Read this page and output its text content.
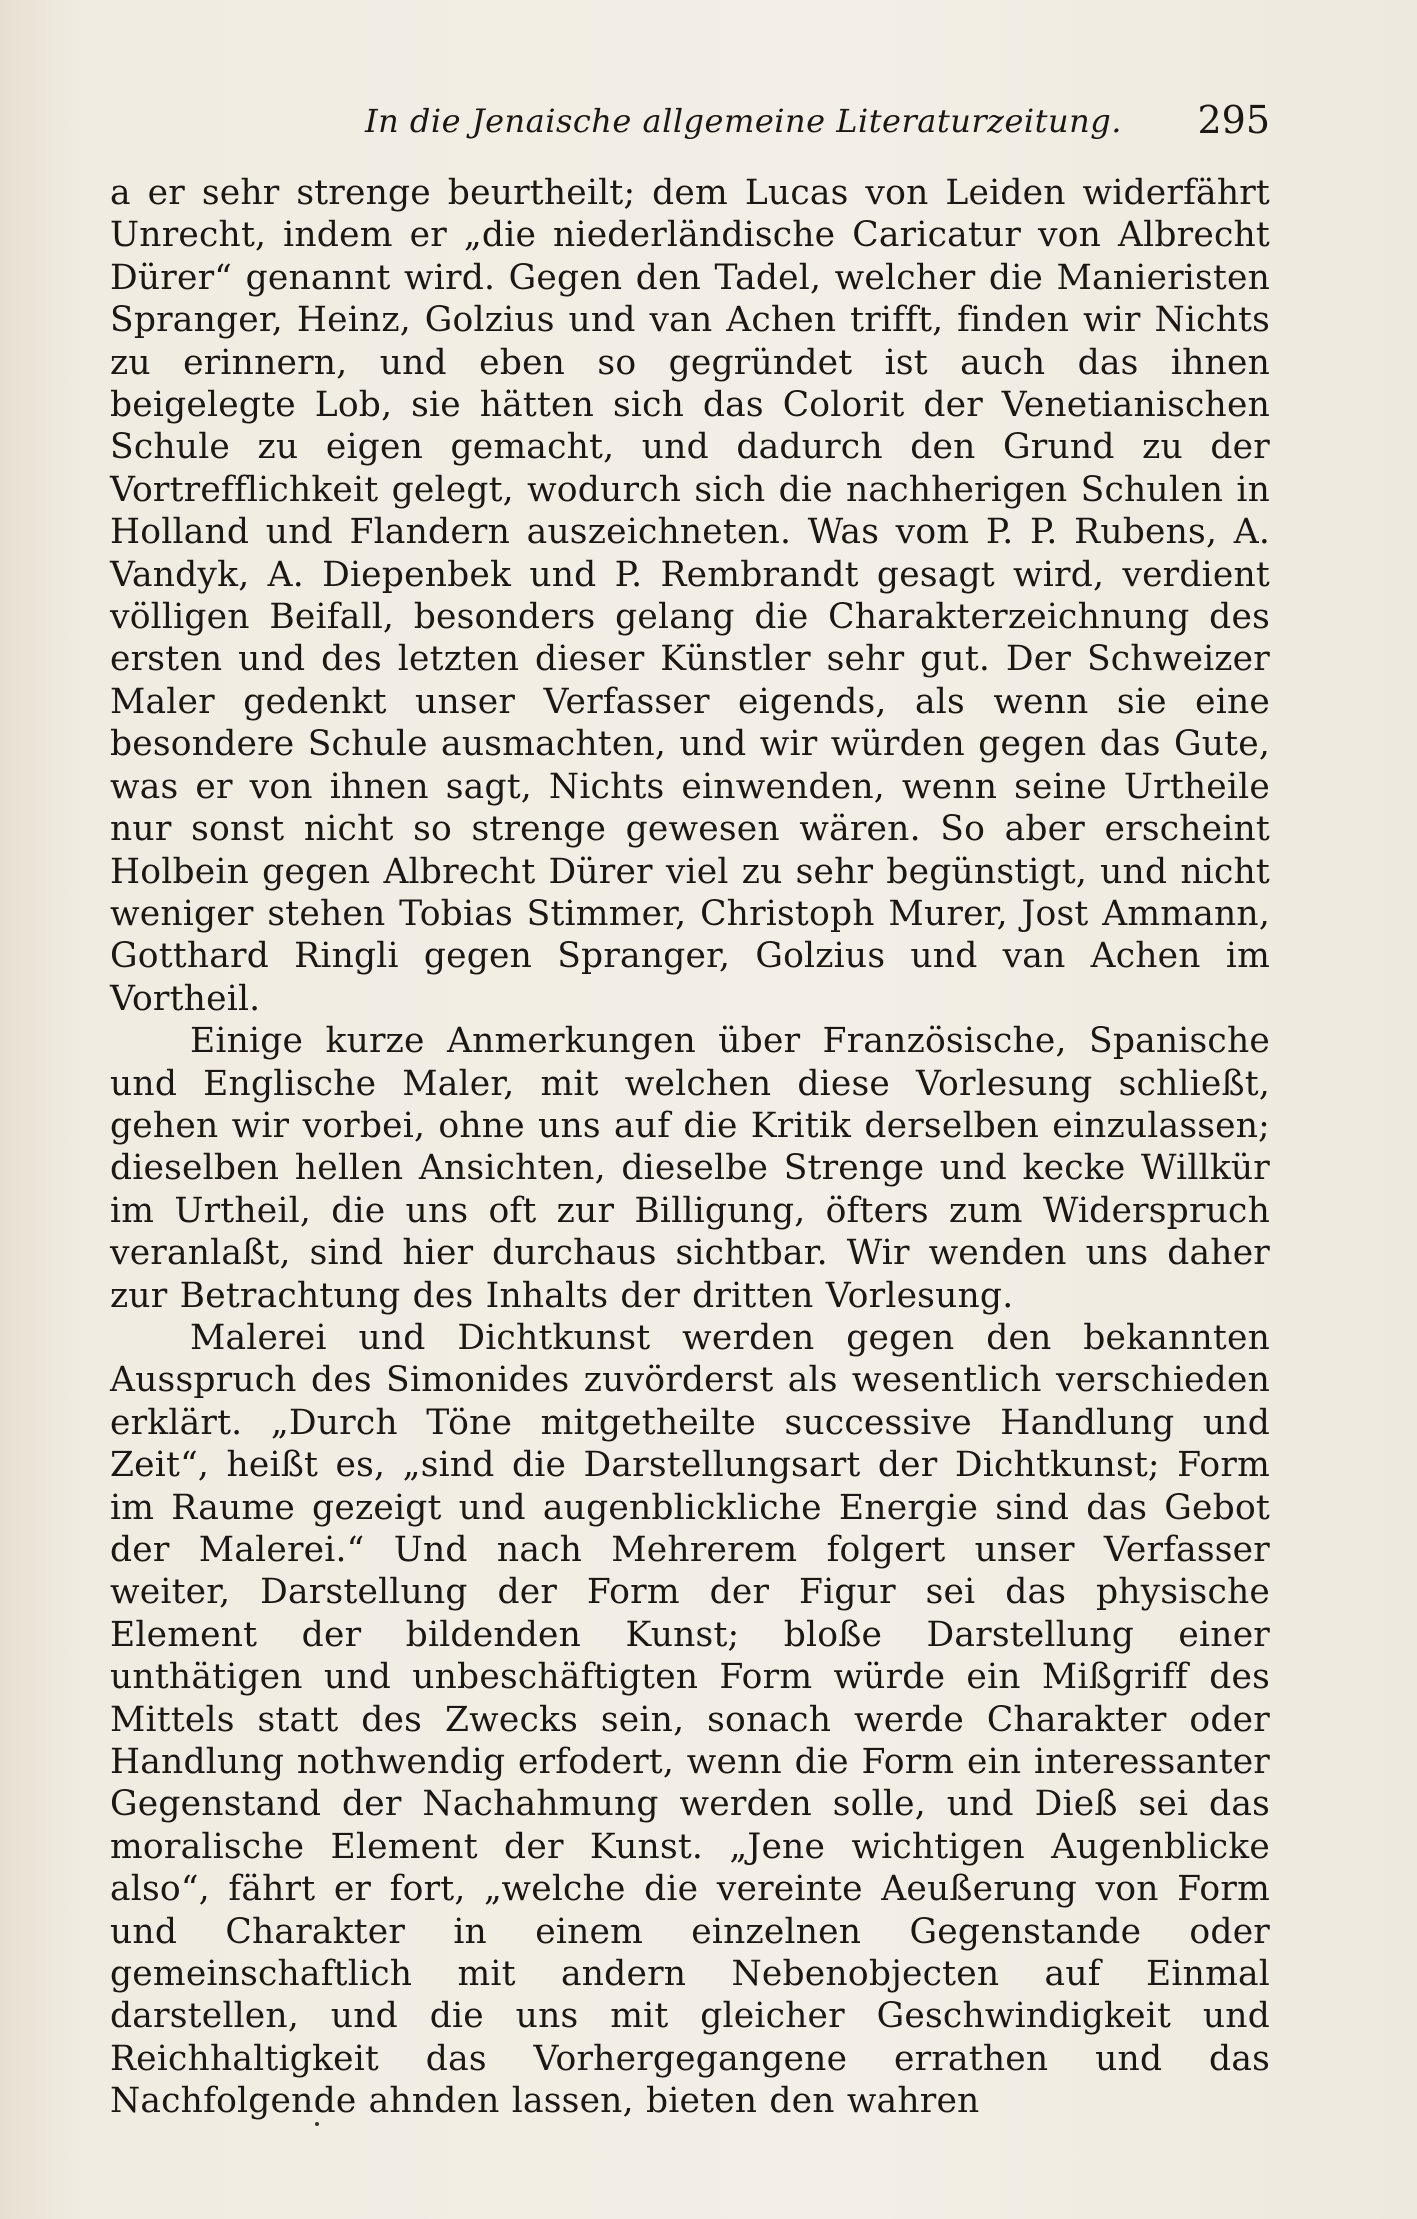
In die Jenaische allgemeine Literaturzeitung. 295

a er sehr strenge beurtheilt; dem Lucas von Leiden widerfährt Unrecht, indem er „die niederländische Caricatur von Albrecht Dürer“ genannt wird. Gegen den Tadel, welcher die Manieristen Spranger, Heinz, Golzius und van Achen trifft, finden wir Nichts zu erinnern, und eben so gegründet ist auch das ihnen beigelegte Lob, sie hätten sich das Colorit der Venetianischen Schule zu eigen gemacht, und dadurch den Grund zu der Vortrefflichkeit gelegt, wodurch sich die nachherigen Schulen in Holland und Flandern auszeichneten. Was vom P. P. Rubens, A. Vandyk, A. Diepenbek und P. Rembrandt gesagt wird, verdient völligen Beifall, besonders gelang die Charakterzeichnung des ersten und des letzten dieser Künstler sehr gut. Der Schweizer Maler gedenkt unser Verfasser eigends, als wenn sie eine besondere Schule ausmachten, und wir würden gegen das Gute, was er von ihnen sagt, Nichts einwenden, wenn seine Urtheile nur sonst nicht so strenge gewesen wären. So aber erscheint Holbein gegen Albrecht Dürer viel zu sehr begünstigt, und nicht weniger stehen Tobias Stimmer, Christoph Murer, Jost Ammann, Gotthard Ringli gegen Spranger, Golzius und van Achen im Vortheil.

Einige kurze Anmerkungen über Französische, Spanische und Englische Maler, mit welchen diese Vorlesung schließt, gehen wir vorbei, ohne uns auf die Kritik derselben einzulassen; dieselben hellen Ansichten, dieselbe Strenge und kecke Willkür im Urtheil, die uns oft zur Billigung, öfters zum Widerspruch veranlaßt, sind hier durchaus sichtbar. Wir wenden uns daher zur Betrachtung des Inhalts der dritten Vorlesung.

Malerei und Dichtkunst werden gegen den bekannten Ausspruch des Simonides zuvörderst als wesentlich verschieden erklärt. „Durch Töne mitgetheilte successive Handlung und Zeit“, heißt es, „sind die Darstellungsart der Dichtkunst; Form im Raume gezeigt und augenblickliche Energie sind das Gebot der Malerei.“ Und nach Mehrerem folgert unser Verfasser weiter, Darstellung der Form der Figur sei das physische Element der bildenden Kunst; bloße Darstellung einer unthätigen und unbeschäftigten Form würde ein Mißgriff des Mittels statt des Zwecks sein, sonach werde Charakter oder Handlung nothwendig erfodert, wenn die Form ein interessanter Gegenstand der Nachahmung werden solle, und Dieß sei das moralische Element der Kunst. „Jene wichtigen Augenblicke also“, fährt er fort, „welche die vereinte Aeußerung von Form und Charakter in einem einzelnen Gegenstande oder gemeinschaftlich mit andern Nebenobjecten auf Einmal darstellen, und die uns mit gleicher Geschwindigkeit und Reichhaltigkeit das Vorhergegangene errathen und das Nachfolgende ahnden lassen, bieten den wahren
